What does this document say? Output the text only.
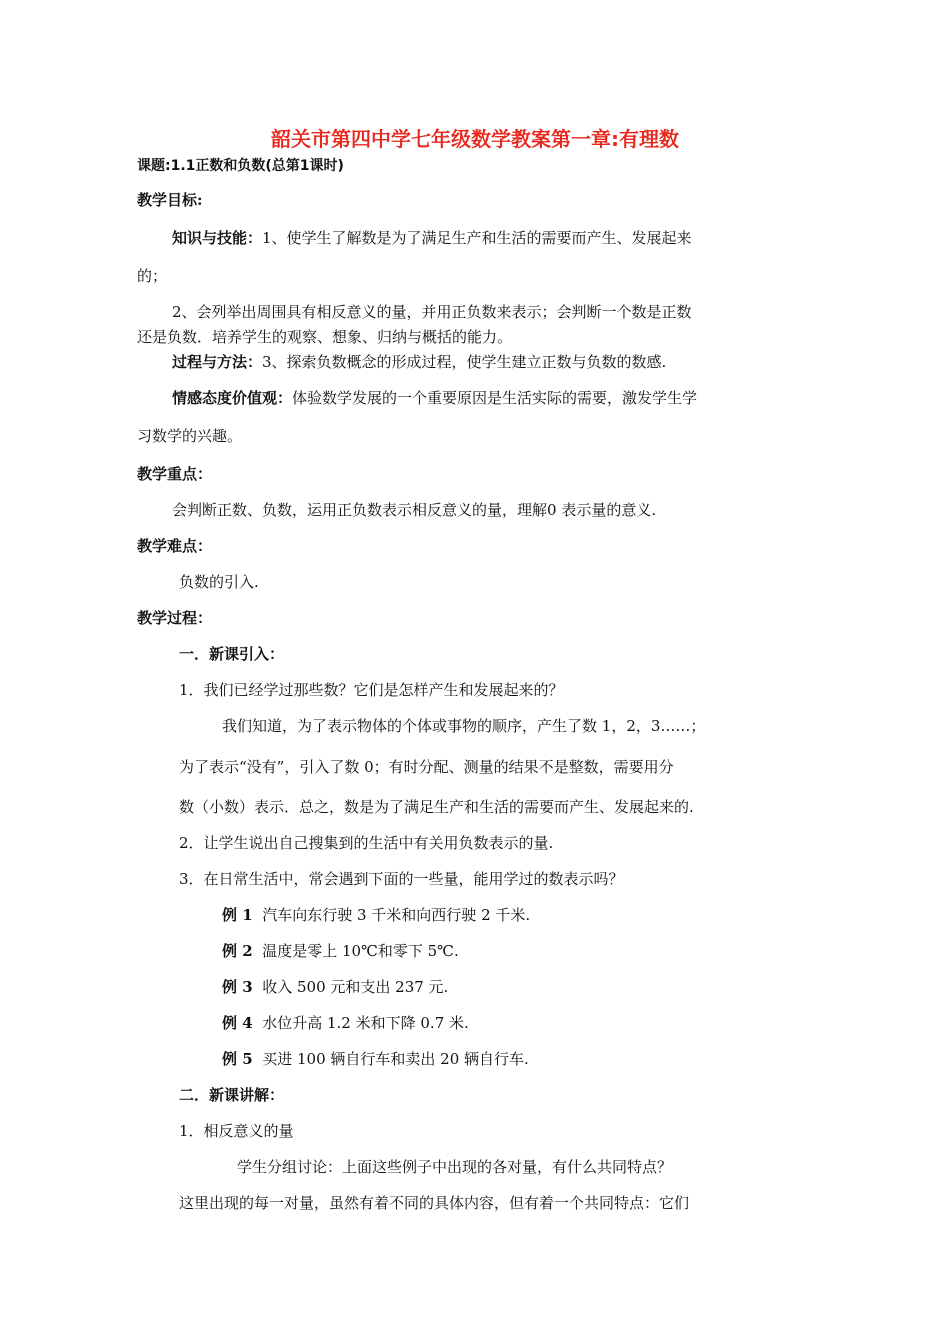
韶关市第四中学七年级数学教案第一章:有理数
课题:1.1正数和负数(总第1课时)
教学目标:
知识与技能：1、使学生了解数是为了满足生产和生活的需要而产生、发展起来
的；
2、会列举出周围具有相反意义的量，并用正负数来表示；会判断一个数是正数
还是负数．培养学生的观察、想象、归纳与概括的能力。
过程与方法：3、探索负数概念的形成过程，使学生建立正数与负数的数感.
情感态度价值观：体验数学发展的一个重要原因是生活实际的需要，激发学生学
习数学的兴趣。
教学重点：
会判断正数、负数，运用正负数表示相反意义的量，理解0 表示量的意义.
教学难点：
负数的引入.
教学过程：
一．新课引入：
1．我们已经学过那些数？它们是怎样产生和发展起来的？
我们知道，为了表示物体的个体或事物的顺序，产生了数 1，2，3……；
为了表示“没有”，引入了数 0；有时分配、测量的结果不是整数，需要用分
数（小数）表示．总之，数是为了满足生产和生活的需要而产生、发展起来的.
2．让学生说出自己搜集到的生活中有关用负数表示的量.
3．在日常生活中，常会遇到下面的一些量，能用学过的数表示吗？
例 1 汽车向东行驶 3 千米和向西行驶 2 千米.
例 2 温度是零上 10℃和零下 5℃.
例 3 收入 500 元和支出 237 元.
例 4 水位升高 1.2 米和下降 0.7 米.
例 5 买进 100 辆自行车和卖出 20 辆自行车.
二．新课讲解：
1．相反意义的量
学生分组讨论：上面这些例子中出现的各对量，有什么共同特点？
这里出现的每一对量，虽然有着不同的具体内容，但有着一个共同特点：它们
